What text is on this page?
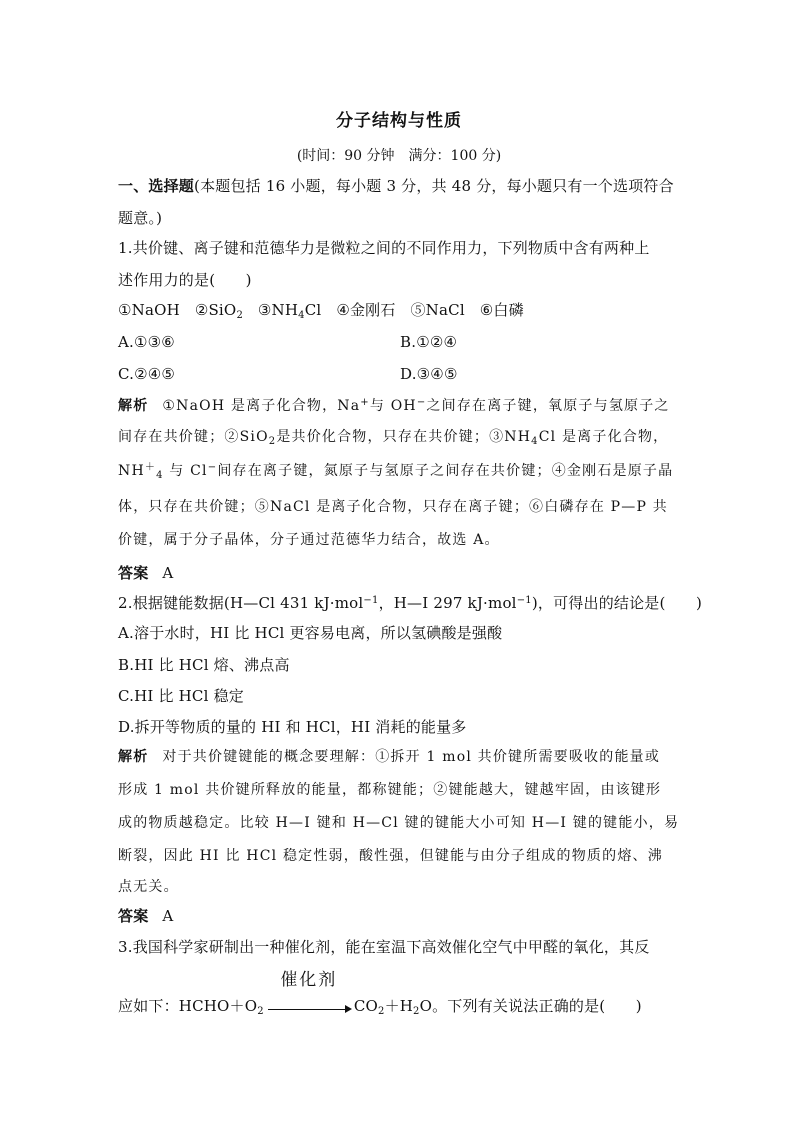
分子结构与性质
(时间：90 分钟　满分：100 分)
一、选择题(本题包括 16 小题，每小题 3 分，共 48 分，每小题只有一个选项符合
题意。)
1.共价键、离子键和范德华力是微粒之间的不同作用力，下列物质中含有两种上
述作用力的是(　　)
①NaOH ②SiO$_2$ $③NH_4Cl$ ④金刚石 ⑤NaCl ⑥白磷
A.①③⑥	B.①②④
C.②④⑤	D.③④⑤
解析 ①NaOH 是离子化合物，Na+与 OH−之间存在离子键，氧原子与氢原子之
间存在共价键；②SiO$_2$是共价化合物，只存在共价键；$③NH_4Cl$ 是离子化合物，
$NH^+_4$ 与 Cl−间存在离子键，氮原子与氢原子之间存在共价键；④金刚石是原子晶
体，只存在共价键；⑤NaCl 是离子化合物，只存在离子键；⑥白磷存在 P—P 共
价键，属于分子晶体，分子通过范德华力结合，故选 A。
答案 A
2.根据键能数据(H—Cl 431 kJ·mol$^{-1}$，H—I 297 kJ·mol$^{-1}$)，可得出的结论是(　　)
A.溶于水时，HI 比 HCl 更容易电离，所以氢碘酸是强酸
B.HI 比 HCl 熔、沸点高
C.HI 比 HCl 稳定
D.拆开等物质的量的 HI 和 HCl，HI 消耗的能量多
解析 对于共价键键能的概念要理解：①拆开 1 mol 共价键所需要吸收的能量或
形成 1 mol 共价键所释放的能量，都称键能；②键能越大，键越牢固，由该键形
成的物质越稳定。比较 H—I 键和 H—Cl 键的键能大小可知 H—I 键的键能小，易
断裂，因此 HI 比 HCl 稳定性弱，酸性强，但键能与由分子组成的物质的熔、沸
点无关。
答案 A
3.我国科学家研制出一种催化剂，能在室温下高效催化空气中甲醛的氧化，其反
应如下：$HCHO+O_2$
催化剂
$CO_2+H_2O$。下列有关说法正确的是(　　)
